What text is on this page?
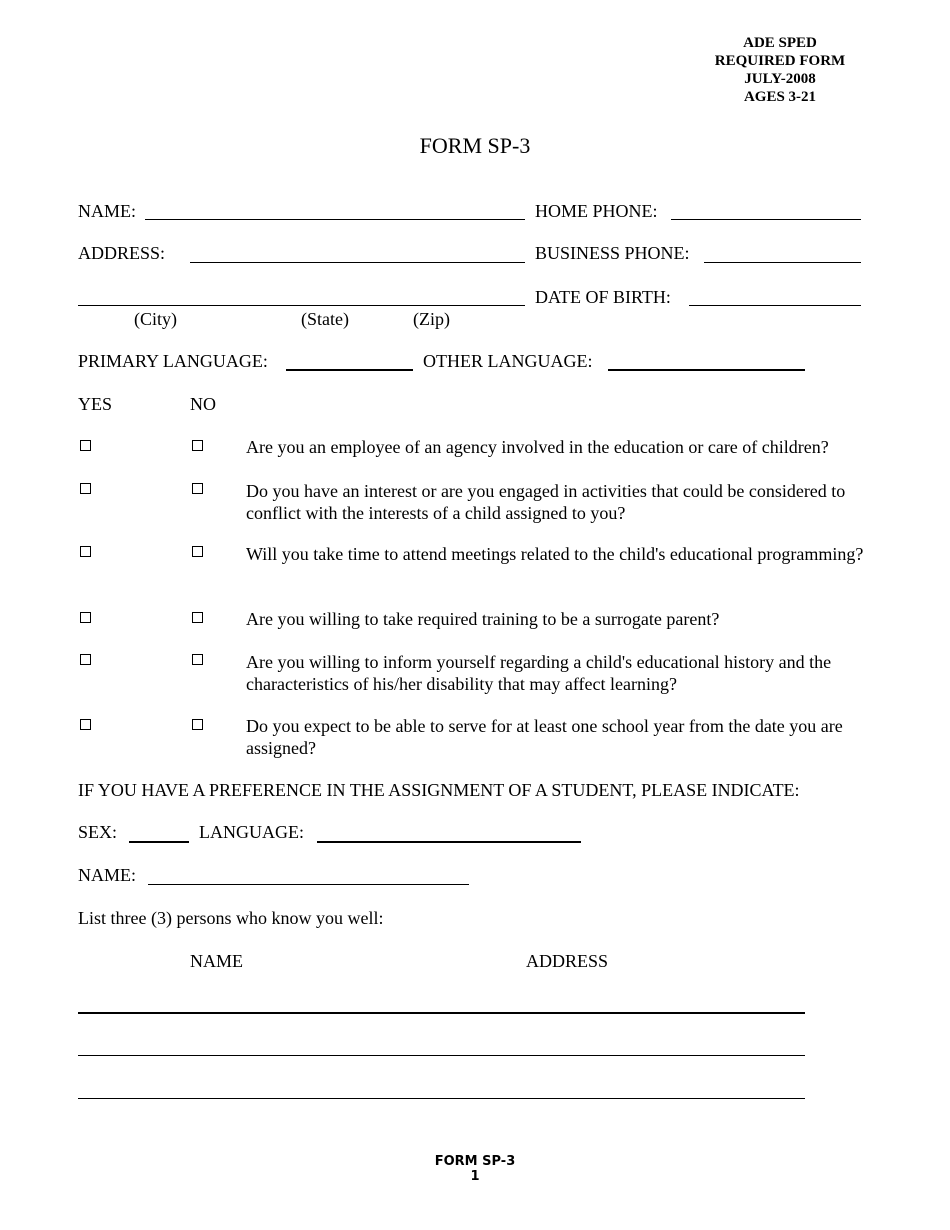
ADE SPED
REQUIRED FORM
JULY-2008
AGES 3-21
FORM SP-3
NAME:	HOME PHONE:
ADDRESS:	BUSINESS PHONE:
DATE OF BIRTH:
(City)	(State)	(Zip)
PRIMARY LANGUAGE:	OTHER LANGUAGE:
YES	NO
Are you an employee of an agency involved in the education or care of children?
Do you have an interest or are you engaged in activities that could be considered to conflict with the interests of a child assigned to you?
Will you take time to attend meetings related to the child's educational programming?
Are you willing to take required training to be a surrogate parent?
Are you willing to inform yourself regarding a child's educational history and the characteristics of his/her disability that may affect learning?
Do you expect to be able to serve for at least one school year from the date you are assigned?
IF YOU HAVE A PREFERENCE IN THE ASSIGNMENT OF A STUDENT, PLEASE INDICATE:
SEX:	LANGUAGE:
NAME:
List three (3) persons who know you well:
NAME	ADDRESS
FORM SP-3
1
